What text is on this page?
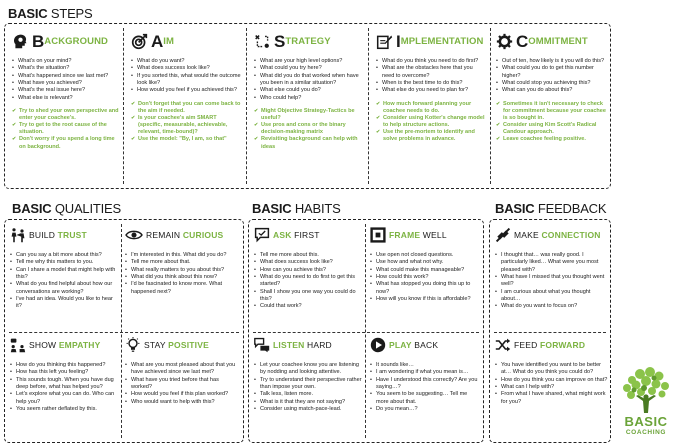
BASIC STEPS
B ACKGROUND
• What's on your mind?
• What's the situation?
• What's happened since we last met?
• What have you achieved?
• What's the real issue here?
• What else is relevant?
✔ Try to shed your own perspective and enter your coachee's.
✔ Try to get to the root cause of the situation.
✔ Don't worry if you spend a long time on background.
A IM
• What do you want?
• What does success look like?
• If you sorted this, what would the outcome look like?
• How would you feel if you achieved this?
✔ Don't forget that you can come back to the aim if needed.
✔ Is your coachee's aim SMART (specific, measurable, achievable, relevant, time-bound)?
✔ Use the model: "By, I am, so that"
S TRATEGY
• What are your high level options?
• What could you try here?
• What did you do that worked when have you been in a similar situation?
• What else could you do?
• Who could help?
✔ Might Objective Strategy-Tactics be useful?
✔ Use pros and cons or the binary decision-making matrix
✔ Revisiting background can help with ideas
I MPLEMENTATION
• What do you think you need to do first?
• What are the obstacles here that you need to overcome?
• When is the best time to do this?
• What else do you need to plan for?
✔ How much forward planning your coachee needs to do.
✔ Consider using Kotter's change model to help structure actions.
✔ Use the pre-mortem to identify and solve problems in advance.
C OMMITMENT
• Out of ten, how likely is it you will do this?
• What could you do to get this number higher?
• What could stop you achieving this?
• What can you do about this?
✔ Sometimes it isn't necessary to check for commitment because your coachee is so bought in.
✔ Consider using Kim Scott's Radical Candour approach.
✔ Leave coachee feeling positive.
BASIC QUALITIES
BUILD TRUST
• Can you say a bit more about this?
• Tell me why this matters to you.
• Can I share a model that might help with this?
• What do you find helpful about how our conversations are working?
• I've had an idea. Would you like to hear it?
REMAIN CURIOUS
• I'm interested in this. What did you do?
• Tell me more about that.
• What really matters to you about this?
• What did you think about this now?
• I'd be fascinated to know more. What happened next?
SHOW EMPATHY
• How do you thinking this happened?
• How has this left you feeling?
• This sounds tough. When you have dug deep before, what has helped you?
• Let's explore what you can do. Who can help you?
• You seem rather deflated by this.
STAY POSITIVE
• What are you most pleased about that you have achieved since we last met?
• What have you tried before that has worked?
• How would you feel if this plan worked?
• Who would want to help with this?
BASIC HABITS
ASK FIRST
• Tell me more about this.
• What does success look like?
• How can you achieve this?
• What do you need to do first to get this started?
• Shall I show you one way you could do this?
• Could that work?
FRAME WELL
• Use open not closed questions.
• Use how and what not why.
• What could make this manageable?
• How could this work?
• What has stopped you doing this up to now?
• How will you know if this is affordable?
LISTEN HARD
• Let your coachee know you are listening by nodding and looking attentive.
• Try to understand their perspective rather than impose your own.
• Talk less, listen more.
• What is it that they are not saying?
• Consider using match-pace-lead.
PLAY BACK
• It sounds like…
• I am wondering if what you mean is…
• Have I understood this correctly? Are you saying…?
• You seem to be suggesting… Tell me more about that.
• Do you mean…?
BASIC FEEDBACK
MAKE CONNECTION
• I thought that… was really good. I particularly liked… What were you most pleased with?
• What have I missed that you thought went well?
• I am curious about what you thought about…
• What do you want to focus on?
FEED FORWARD
• You have identified you want to be better at… What do you think you could do?
• How do you think you can improve on that?
• What can I help with?
• From what I have shared, what might work for you?
BASIC
COACHING
